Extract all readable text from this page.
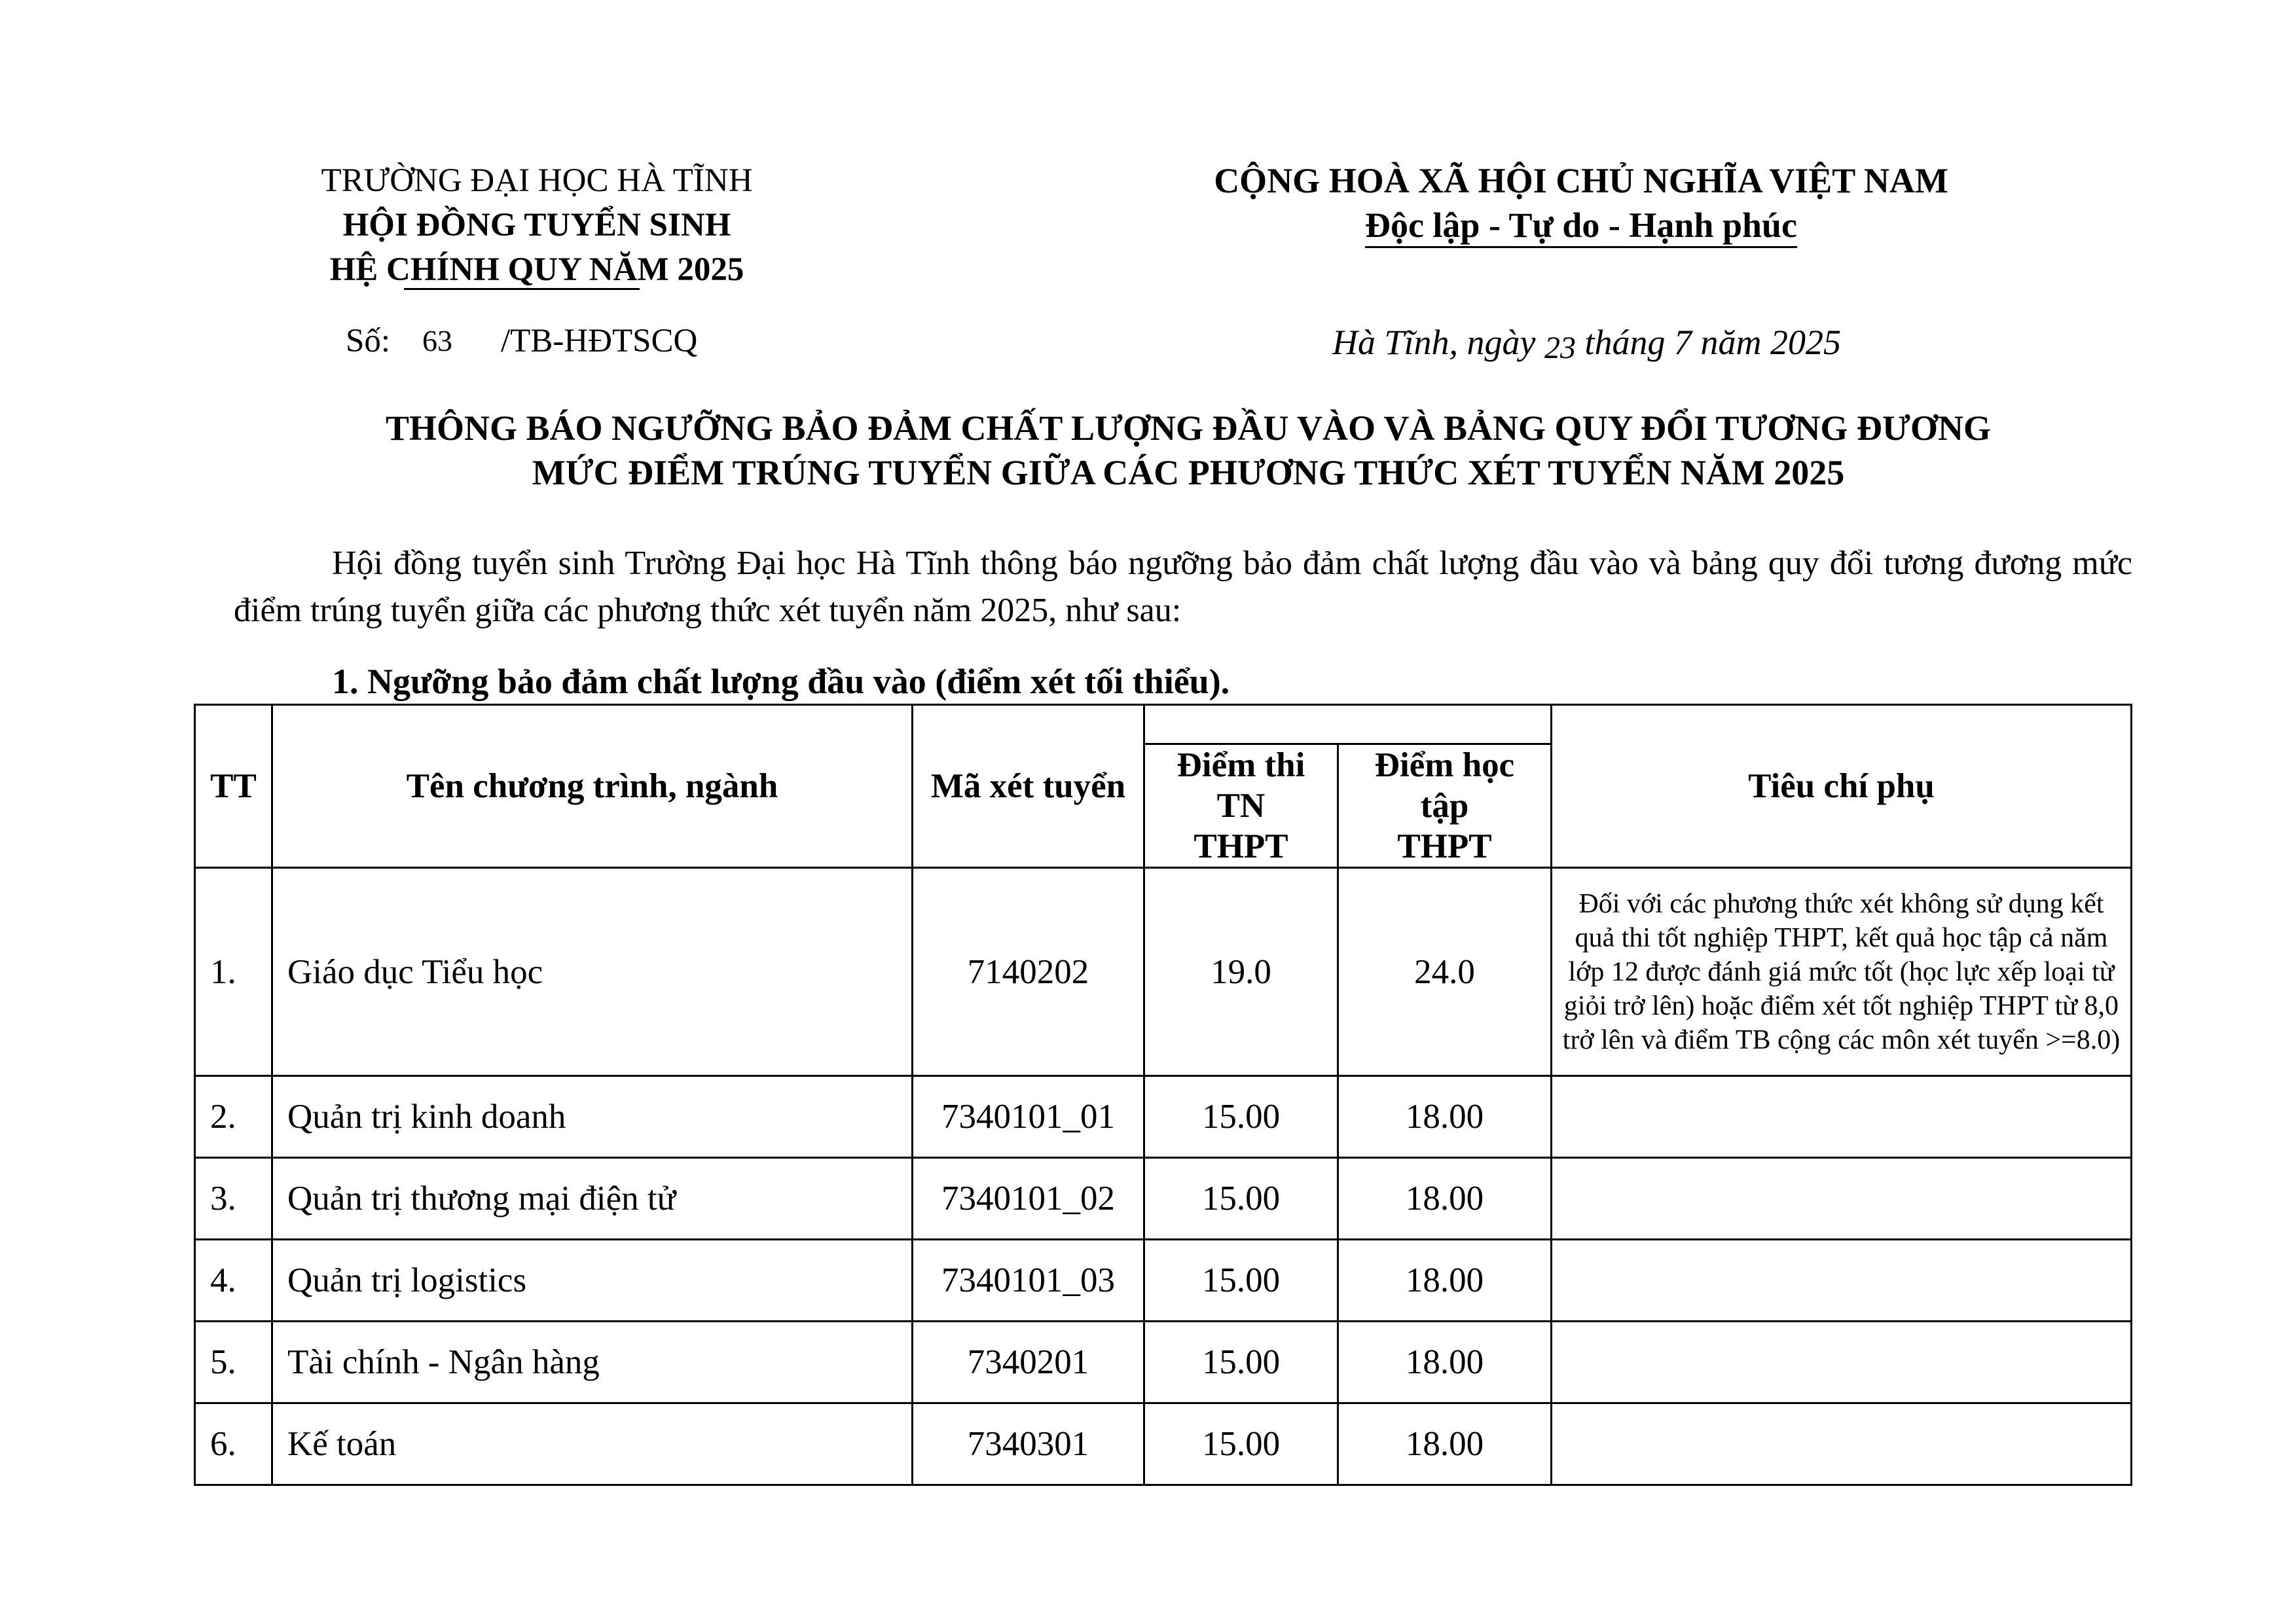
TRƯỜNG ĐẠI HỌC HÀ TĨNH
HỘI ĐỒNG TUYỂN SINH
HỆ CHÍNH QUY NĂM 2025
CỘNG HOÀ XÃ HỘI CHỦ NGHĨA VIỆT NAM
Độc lập - Tự do - Hạnh phúc
Số: 63 /TB-HĐTSCQ	Hà Tĩnh, ngày 23 tháng 7 năm 2025
THÔNG BÁO NGƯỠNG BẢO ĐẢM CHẤT LƯỢNG ĐẦU VÀO VÀ BẢNG QUY ĐỔI TƯƠNG ĐƯƠNG
MỨC ĐIỂM TRÚNG TUYỂN GIỮA CÁC PHƯƠNG THỨC XÉT TUYỂN NĂM 2025
Hội đồng tuyển sinh Trường Đại học Hà Tĩnh thông báo ngưỡng bảo đảm chất lượng đầu vào và bảng quy đổi tương đương mức điểm trúng tuyển giữa các phương thức xét tuyển năm 2025, như sau:
1. Ngưỡng bảo đảm chất lượng đầu vào (điểm xét tối thiểu).
TT	Tên chương trình, ngành	Mã xét tuyển			Tiêu chí phụ

			Điểm thi TN THPT	Điểm học tập THPT	

1.	Giáo dục Tiểu học	7140202	19.0	24.0	Đối với các phương thức xét không sử dụng kết quả thi tốt nghiệp THPT, kết quả học tập cả năm lớp 12 được đánh giá mức tốt (học lực xếp loại từ giỏi trở lên) hoặc điểm xét tốt nghiệp THPT từ 8,0 trở lên và điểm TB cộng các môn xét tuyển >=8.0)
2.	Quản trị kinh doanh	7340101_01	15.00	18.00	
3.	Quản trị thương mại điện tử	7340101_02	15.00	18.00	
4.	Quản trị logistics	7340101_03	15.00	18.00	
5.	Tài chính - Ngân hàng	7340201	15.00	18.00	
6.	Kế toán	7340301	15.00	18.00	
